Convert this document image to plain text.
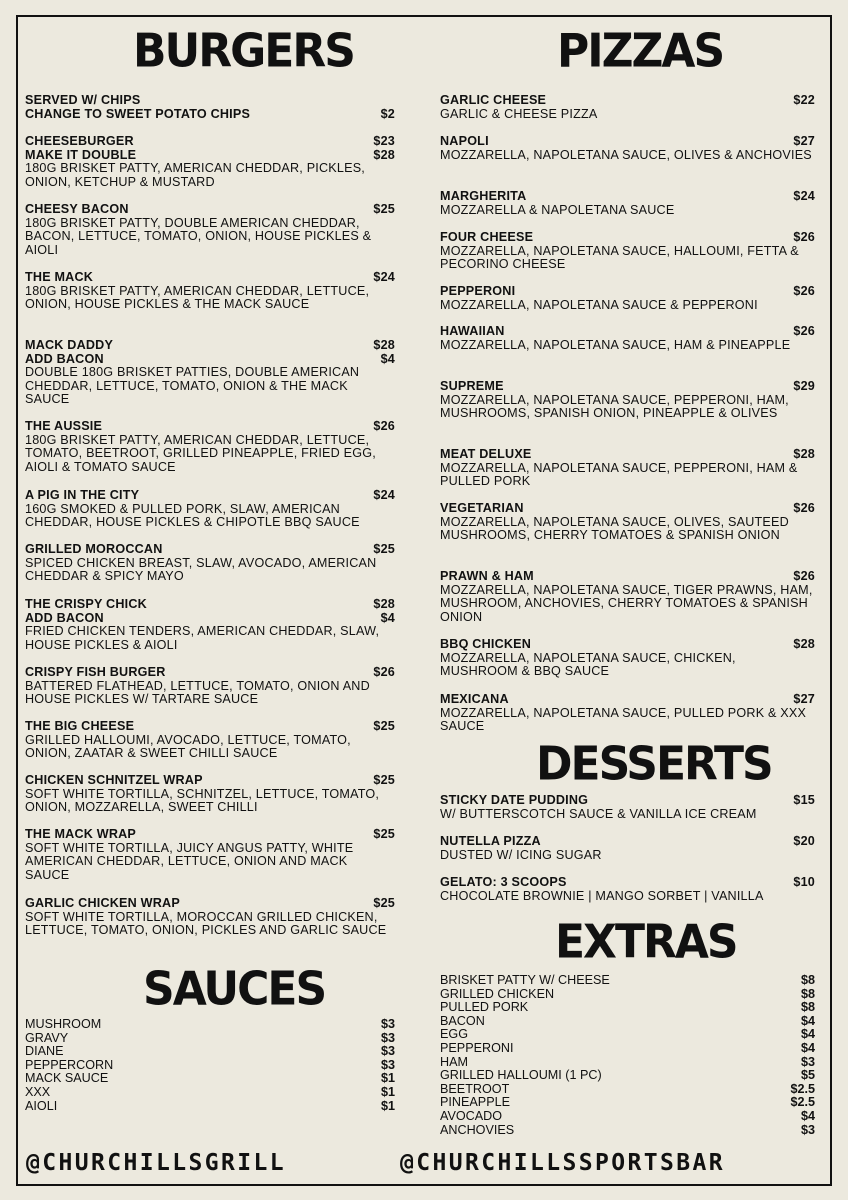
BURGERS
SERVED W/ CHIPS
CHANGE TO SWEET POTATO CHIPS	$2
CHEESEBURGER	$23
MAKE IT DOUBLE	$28
180G BRISKET PATTY, AMERICAN CHEDDAR, PICKLES, ONION, KETCHUP & MUSTARD
CHEESY BACON	$25
180G BRISKET PATTY, DOUBLE AMERICAN CHEDDAR, BACON, LETTUCE, TOMATO, ONION, HOUSE PICKLES & AIOLI
THE MACK	$24
180G BRISKET PATTY, AMERICAN CHEDDAR, LETTUCE, ONION, HOUSE PICKLES & THE MACK SAUCE
MACK DADDY	$28
ADD BACON	$4
DOUBLE 180G BRISKET PATTIES, DOUBLE AMERICAN CHEDDAR, LETTUCE, TOMATO, ONION & THE MACK SAUCE
THE AUSSIE	$26
180G BRISKET PATTY, AMERICAN CHEDDAR, LETTUCE, TOMATO, BEETROOT, GRILLED PINEAPPLE, FRIED EGG, AIOLI & TOMATO SAUCE
A PIG IN THE CITY	$24
160G SMOKED & PULLED PORK, SLAW, AMERICAN CHEDDAR, HOUSE PICKLES & CHIPOTLE BBQ SAUCE
GRILLED MOROCCAN	$25
SPICED CHICKEN BREAST, SLAW, AVOCADO, AMERICAN CHEDDAR & SPICY MAYO
THE CRISPY CHICK	$28
ADD BACON	$4
FRIED CHICKEN TENDERS, AMERICAN CHEDDAR, SLAW, HOUSE PICKLES & AIOLI
CRISPY FISH BURGER	$26
BATTERED FLATHEAD, LETTUCE, TOMATO, ONION AND HOUSE PICKLES W/ TARTARE SAUCE
THE BIG CHEESE	$25
GRILLED HALLOUMI, AVOCADO, LETTUCE, TOMATO, ONION, ZAATAR & SWEET CHILLI SAUCE
CHICKEN SCHNITZEL WRAP	$25
SOFT WHITE TORTILLA, SCHNITZEL, LETTUCE, TOMATO, ONION, MOZZARELLA, SWEET CHILLI
THE MACK WRAP	$25
SOFT WHITE TORTILLA, JUICY ANGUS PATTY, WHITE AMERICAN CHEDDAR, LETTUCE, ONION AND MACK SAUCE
GARLIC CHICKEN WRAP	$25
SOFT WHITE TORTILLA, MOROCCAN GRILLED CHICKEN, LETTUCE, TOMATO, ONION, PICKLES AND GARLIC SAUCE
SAUCES
MUSHROOM	$3
GRAVY	$3
DIANE	$3
PEPPERCORN	$3
MACK SAUCE	$1
XXX	$1
AIOLI	$1
PIZZAS
GARLIC CHEESE	$22
GARLIC & CHEESE PIZZA
NAPOLI	$27
MOZZARELLA, NAPOLETANA SAUCE, OLIVES & ANCHOVIES
MARGHERITA	$24
MOZZARELLA & NAPOLETANA SAUCE
FOUR CHEESE	$26
MOZZARELLA, NAPOLETANA SAUCE, HALLOUMI, FETTA & PECORINO CHEESE
PEPPERONI	$26
MOZZARELLA, NAPOLETANA SAUCE & PEPPERONI
HAWAIIAN	$26
MOZZARELLA, NAPOLETANA SAUCE, HAM & PINEAPPLE
SUPREME	$29
MOZZARELLA, NAPOLETANA SAUCE, PEPPERONI, HAM, MUSHROOMS, SPANISH ONION, PINEAPPLE & OLIVES
MEAT DELUXE	$28
MOZZARELLA, NAPOLETANA SAUCE, PEPPERONI, HAM & PULLED PORK
VEGETARIAN	$26
MOZZARELLA, NAPOLETANA SAUCE, OLIVES, SAUTEED MUSHROOMS, CHERRY TOMATOES & SPANISH ONION
PRAWN & HAM	$26
MOZZARELLA, NAPOLETANA SAUCE, TIGER PRAWNS, HAM, MUSHROOM, ANCHOVIES, CHERRY TOMATOES & SPANISH ONION
BBQ CHICKEN	$28
MOZZARELLA, NAPOLETANA SAUCE, CHICKEN, MUSHROOM & BBQ SAUCE
MEXICANA	$27
MOZZARELLA, NAPOLETANA SAUCE, PULLED PORK & XXX SAUCE
DESSERTS
STICKY DATE PUDDING	$15
W/ BUTTERSCOTCH SAUCE & VANILLA ICE CREAM
NUTELLA PIZZA	$20
DUSTED W/ ICING SUGAR
GELATO: 3 SCOOPS	$10
CHOCOLATE BROWNIE | MANGO SORBET | VANILLA
EXTRAS
BRISKET PATTY W/ CHEESE	$8
GRILLED CHICKEN	$8
PULLED PORK	$8
BACON	$4
EGG	$4
PEPPERONI	$4
HAM	$3
GRILLED HALLOUMI (1 PC)	$5
BEETROOT	$2.5
PINEAPPLE	$2.5
AVOCADO	$4
ANCHOVIES	$3
@CHURCHILLSGRILL	@CHURCHILLSSPORTSBAR
